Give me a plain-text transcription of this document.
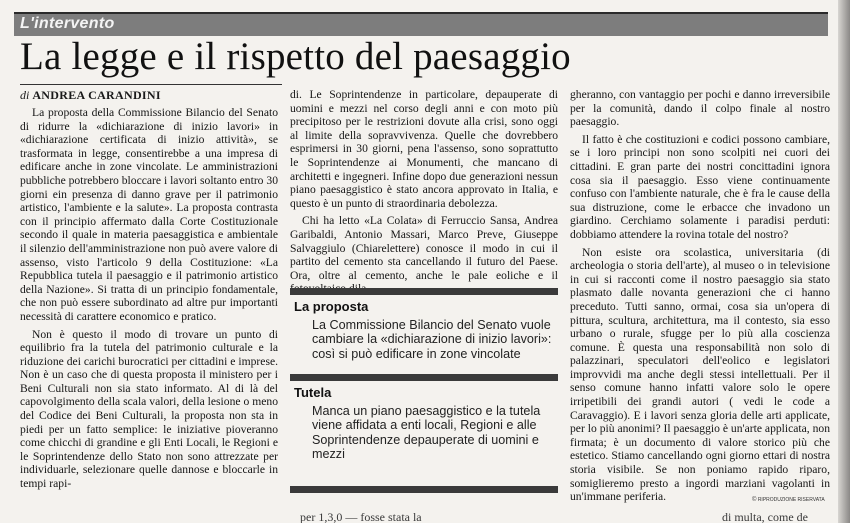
L'intervento
La legge e il rispetto del paesaggio
di ANDREA CARANDINI

La proposta della Commissione Bilancio del Senato di ridurre la «dichiarazione di inizio lavori» in «dichiarazione certificata di inizio attività», se trasformata in legge, consentirebbe a una impresa di edificare anche in zone vincolate. Le amministrazioni pubbliche potrebbero bloccare i lavori soltanto entro 30 giorni ein presenza di danno grave per il patrimonio artistico, l'ambiente e la salute». La proposta contrasta con il principio affermato dalla Corte Costituzionale secondo il quale in materia paesaggistica e ambientale il silenzio dell'amministrazione non può avere valore di assenso, visto l'articolo 9 della Costituzione: «La Repubblica tutela il paesaggio e il patrimonio artistico della Nazione». Si tratta di un principio fondamentale, che non può essere subordinato ad altre pur importanti necessità di carattere economico e pratico.

Non è questo il modo di trovare un punto di equilibrio fra la tutela del patrimonio culturale e la riduzione dei carichi burocratici per cittadini e imprese. Non è un caso che di questa proposta il ministero per i Beni Culturali non sia stato informato. Al di là del capovolgimento della scala valori, della lesione o meno del Codice dei Beni Culturali, la proposta non sta in piedi per un fatto semplice: le iniziative pioveranno come chicchi di grandine e gli Enti Locali, le Regioni e le Soprintendenze dello Stato non sono attrezzate per individuarle, selezionare quelle dannose e bloccarle in tempi rapi-

di. Le Soprintendenze in particolare, depauperate di uomini e mezzi nel corso degli anni e con moto più precipitoso per le restrizioni dovute alla crisi, sono oggi al limite della sopravvivenza. Quelle che dovrebbero esprimersi in 30 giorni, pena l'assenso, sono soprattutto le Soprintendenze ai Monumenti, che mancano di architetti e ingegneri. Infine dopo due generazioni nessun piano paesaggistico è stato ancora approvato in Italia, e questo è un punto di straordinaria debolezza.

Chi ha letto «La Colata» di Ferruccio Sansa, Andrea Garibaldi, Antonio Massari, Marco Preve, Giuseppe Salvaggiulo (Chiarelettere) conosce il modo in cui il partito del cemento sta cancellando il futuro del Paese. Ora, oltre al cemento, anche le pale eoliche e il

La proposta
La Commissione Bilancio del Senato vuole cambiare la «dichiarazione di inizio lavori»: così si può edificare in zone vincolate
Tutela
Manca un piano paesaggistico e la tutela viene affidata a enti locali, Regioni e alle Soprintendenze depauperate di uomini e mezzi

gheranno, con vantaggio per pochi e danno irreversibile per la comunità, dando il colpo finale al nostro paesaggio.

Il fatto è che costituzioni e codici possono cambiare, se i loro principi non sono scolpiti nei cuori dei cittadini. E gran parte dei nostri concittadini ignora cosa sia il paesaggio. Esso viene continuamente confuso con l'ambiente naturale, che è fra le cause della sua distruzione, come le erbacce che invadono un giardino. Cerchiamo solamente i paradisi perduti: dobbiamo attendere la rovina totale del nostro?

Non esiste ora scolastica, universitaria (di archeologia o storia dell'arte), al museo o in televisione in cui si racconti come il nostro paesaggio sia stato plasmato dalle novanta generazioni che ci hanno preceduto. Tutti sanno, ormai, cosa sia un'opera di pittura, scultura, architettura, ma il contesto, sia esso urbano o rurale, sfugge per lo più alla coscienza comune. È questa una responsabilità non solo di palazzinari, speculatori dell'eolico e legislatori improvvidi ma anche degli stessi intellettuali. Per il senso comune hanno infatti valore solo le opere irripetibili dei grandi autori ( vedi le code a Caravaggio). E i lavori senza gloria delle arti applicate, per lo più anonimi? Il paesaggio è un'arte applicata, non firmata; è un documento di valore storico più che estetico. Stiamo cancellando ogni giorno ettari di nostra storia visibile. Se non poniamo rapido riparo, somiglieremo presto a ingordi marziani vagolanti in un'immane periferia.	© RIPRODUZIONE RISERVATA
per 1,3,0 — fosse stata la	di multa, come de
